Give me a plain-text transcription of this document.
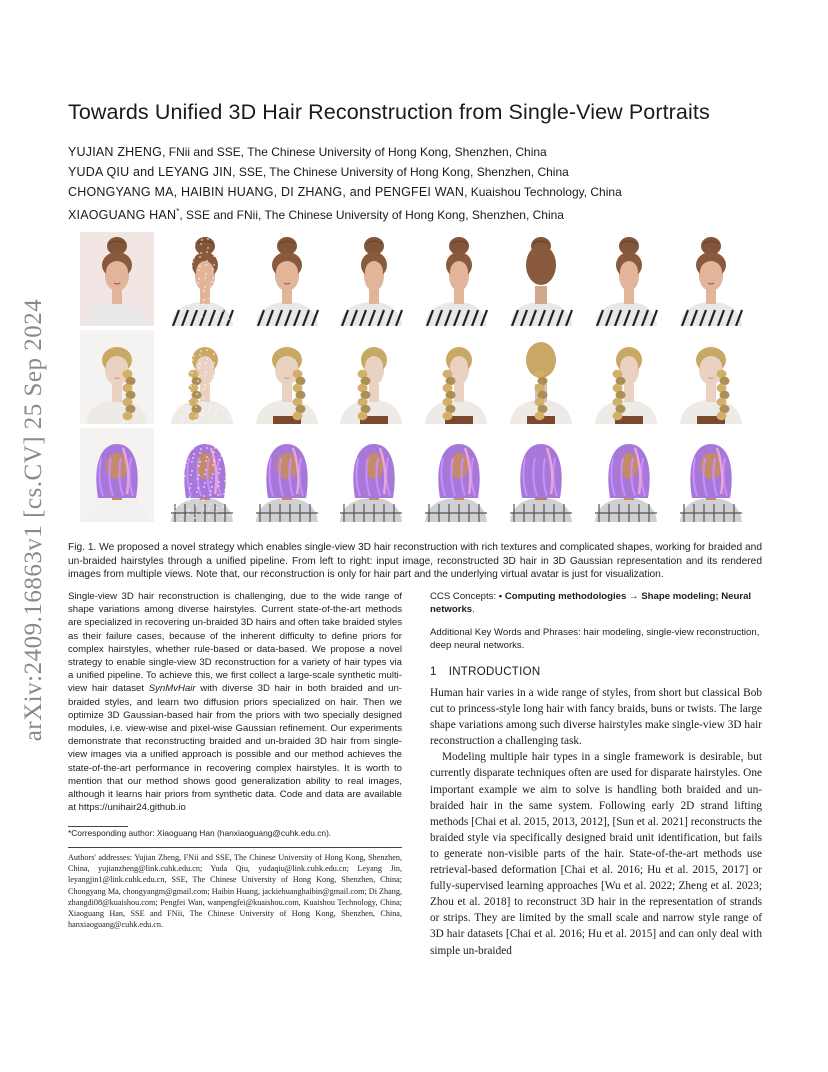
arXiv:2409.16863v1 [cs.CV] 25 Sep 2024
Towards Unified 3D Hair Reconstruction from Single-View Portraits
YUJIAN ZHENG, FNii and SSE, The Chinese University of Hong Kong, Shenzhen, China
YUDA QIU and LEYANG JIN, SSE, The Chinese University of Hong Kong, Shenzhen, China
CHONGYANG MA, HAIBIN HUANG, DI ZHANG, and PENGFEI WAN, Kuaishou Technology, China
XIAOGUANG HAN*, SSE and FNii, The Chinese University of Hong Kong, Shenzhen, China
Fig. 1. We proposed a novel strategy which enables single-view 3D hair reconstruction with rich textures and complicated shapes, working for braided and un-braided hairstyles through a unified pipeline. From left to right: input image, reconstructed 3D hair in 3D Gaussian representation and its rendered images from multiple views. Note that, our reconstruction is only for hair part and the underlying virtual avatar is just for visualization.
Single-view 3D hair reconstruction is challenging, due to the wide range of shape variations among diverse hairstyles. Current state-of-the-art methods are specialized in recovering un-braided 3D hairs and often take braided styles as their failure cases, because of the inherent difficulty to define priors for complex hairstyles, whether rule-based or data-based. We propose a novel strategy to enable single-view 3D reconstruction for a variety of hair types via a unified pipeline. To achieve this, we first collect a large-scale synthetic multi-view hair dataset SynMvHair with diverse 3D hair in both braided and un-braided styles, and learn two diffusion priors specialized on hair. Then we optimize 3D Gaussian-based hair from the priors with two specially designed modules, i.e. view-wise and pixel-wise Gaussian refinement. Our experiments demonstrate that reconstructing braided and un-braided 3D hair from single-view images via a unified approach is possible and our method achieves the state-of-the-art performance in recovering complex hairstyles. It is worth to mention that our method shows good generalization ability to real images, although it learns hair priors from synthetic data. Code and data are available at https://unihair24.github.io
*Corresponding author: Xiaoguang Han (hanxiaoguang@cuhk.edu.cn).
Authors' addresses: Yujian Zheng, FNii and SSE, The Chinese University of Hong Kong, Shenzhen, China, yujianzheng@link.cuhk.edu.cn; Yuda Qiu, yudaqiu@link.cuhk.edu.cn; Leyang Jin, leyangjin1@link.cuhk.edu.cn, SSE, The Chinese University of Hong Kong, Shenzhen, China; Chongyang Ma, chongyangm@gmail.com; Haibin Huang, jackiehuanghaibin@gmail.com; Di Zhang, zhangdi08@kuaishou.com; Pengfei Wan, wanpengfei@kuaishou.com, Kuaishou Technology, China; Xiaoguang Han, SSE and FNii, The Chinese University of Hong Kong, Shenzhen, China, hanxiaoguang@cuhk.edu.cn.

CCS Concepts: • Computing methodologies → Shape modeling; Neural networks.

Additional Key Words and Phrases: hair modeling, single-view reconstruction, deep neural networks.

1 INTRODUCTION

Human hair varies in a wide range of styles, from short but classical Bob cut to princess-style long hair with fancy braids, buns or twists. The large shape variations among such diverse hairstyles make single-view 3D hair reconstruction a challenging task.

Modeling multiple hair types in a single framework is desirable, but currently disparate techniques often are used for disparate hairstyles. One important example we aim to solve is handling both braided and un-braided hair in the same system. Following early 2D strand lifting methods [Chai et al. 2015, 2013, 2012], [Sun et al. 2021] reconstructs the braided style via specifically designed braid unit identification, but fails to generate non-visible parts of the hair. State-of-the-art methods use retrieval-based deformation [Chai et al. 2016; Hu et al. 2015, 2017] or fully-supervised learning approaches [Wu et al. 2022; Zheng et al. 2023; Zhou et al. 2018] to reconstruct 3D hair in the representation of strands or strips. They are limited by the small scale and narrow style range of 3D hair datasets [Chai et al. 2016; Hu et al. 2015] and can only deal with simple un-braided
